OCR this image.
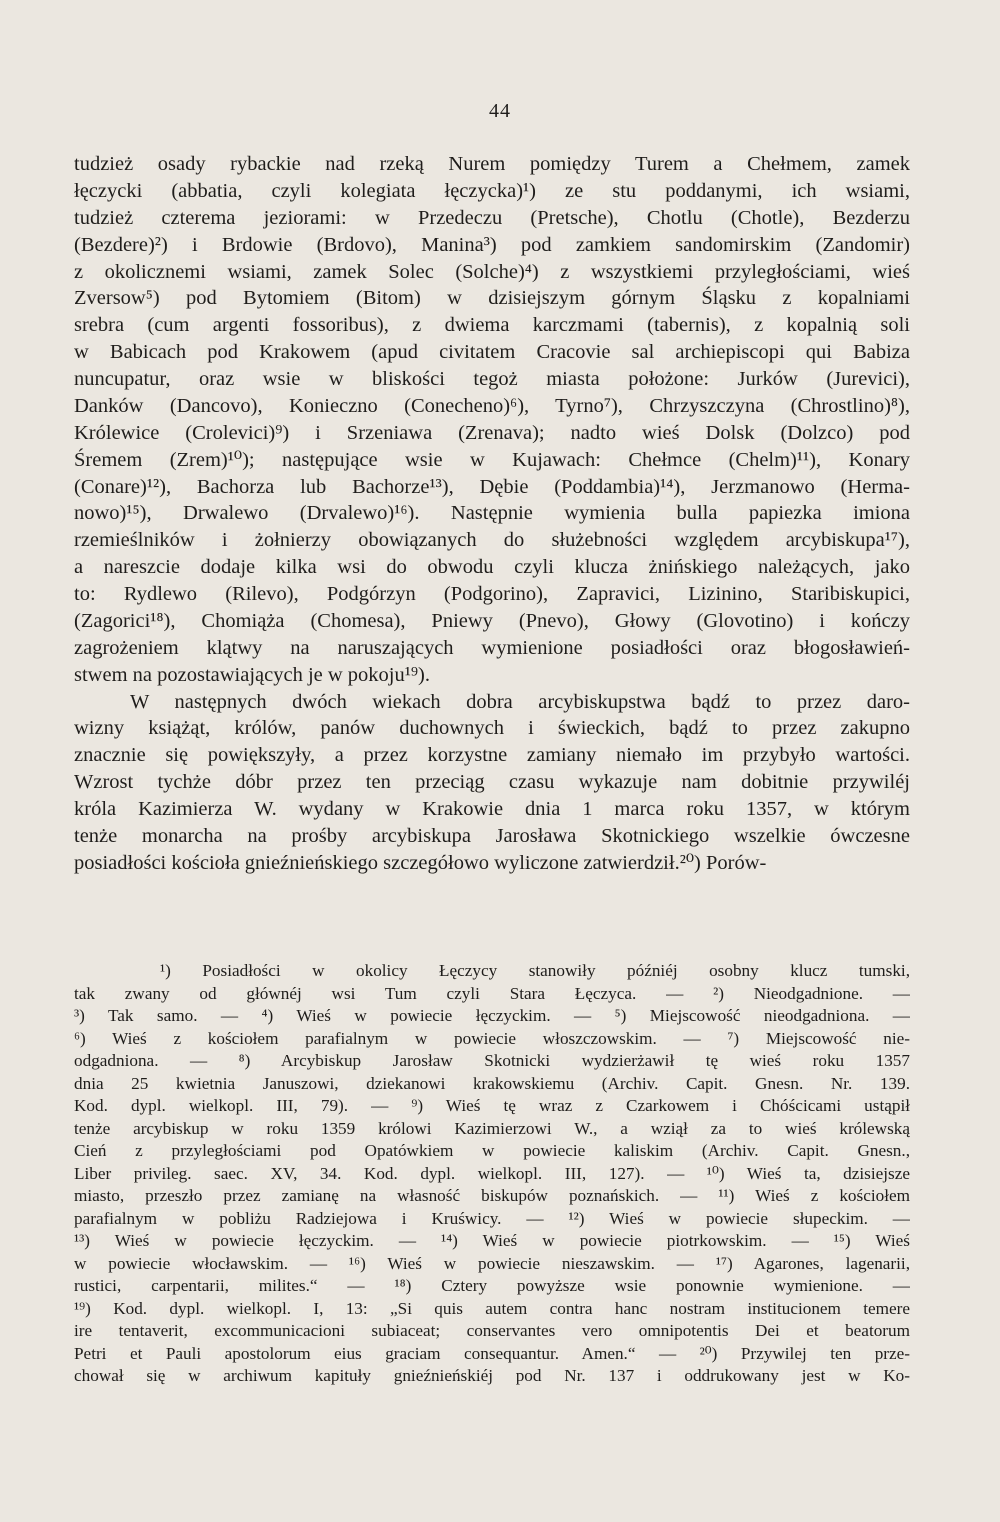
44
tudzież osady rybackie nad rzeką Nurem pomiędzy Turem a Chełmem, zamek
łęczycki (abbatia, czyli kolegiata łęczycka)¹) ze stu poddanymi, ich wsiami,
tudzież czterema jeziorami: w Przedeczu (Pretsche), Chotlu (Chotle), Bezderzu
(Bezdere)²) i Brdowie (Brdovo), Manina³) pod zamkiem sandomirskim (Zandomir)
z okolicznemi wsiami, zamek Solec (Solche)⁴) z wszystkiemi przyległościami, wieś
Zversow⁵) pod Bytomiem (Bitom) w dzisiejszym górnym Śląsku z kopalniami
srebra (cum argenti fossoribus), z dwiema karczmami (tabernis), z kopalnią soli
w Babicach pod Krakowem (apud civitatem Cracovie sal archiepiscopi qui Babiza
nuncupatur, oraz wsie w bliskości tegoż miasta położone: Jurków (Jurevici),
Danków (Dancovo), Konieczno (Conecheno)⁶), Tyrno⁷), Chrzyszczyna (Chrostlino)⁸),
Królewice (Crolevici)⁹) i Srzeniawa (Zrenava); nadto wieś Dolsk (Dolzco) pod
Śremem (Zrem)¹⁰); następujące wsie w Kujawach: Chełmce (Chelm)¹¹), Konary
(Conare)¹²), Bachorza lub Bachorze¹³), Dębie (Poddambia)¹⁴), Jerzmanowo (Herma-
nowo)¹⁵), Drwalewo (Drvalewo)¹⁶). Następnie wymienia bulla papiezka imiona
rzemieślników i żołnierzy obowiązanych do służebności względem arcybiskupa¹⁷),
a nareszcie dodaje kilka wsi do obwodu czyli klucza żnińskiego należących, jako
to: Rydlewo (Rilevo), Podgórzyn (Podgorino), Zapravici, Lizinino, Staribiskupici,
(Zagorici¹⁸), Chomiąża (Chomesa), Pniewy (Pnevo), Głowy (Glovotino) i kończy
zagrożeniem klątwy na naruszających wymienione posiadłości oraz błogosławień-
stwem na pozostawiających je w pokoju¹⁹).
W następnych dwóch wiekach dobra arcybiskupstwa bądź to przez daro-
wizny książąt, królów, panów duchownych i świeckich, bądź to przez zakupno
znacznie się powiększyły, a przez korzystne zamiany niemało im przybyło wartości.
Wzrost tychże dóbr przez ten przeciąg czasu wykazuje nam dobitnie przywiléj
króla Kazimierza W. wydany w Krakowie dnia 1 marca roku 1357, w którym
tenże monarcha na prośby arcybiskupa Jarosława Skotnickiego wszelkie ówczesne
posiadłości kościoła gnieźnieńskiego szczegółowo wyliczone zatwierdził.²⁰) Porów-
¹) Posiadłości w okolicy Łęczycy stanowiły późniéj osobny klucz tumski,
tak zwany od głównéj wsi Tum czyli Stara Łęczyca. — ²) Nieodgadnione. —
³) Tak samo. — ⁴) Wieś w powiecie łęczyckim. — ⁵) Miejscowość nieodgadniona. —
⁶) Wieś z kościołem parafialnym w powiecie włoszczowskim. — ⁷) Miejscowość nie-
odgadniona. — ⁸) Arcybiskup Jarosław Skotnicki wydzierżawił tę wieś roku 1357
dnia 25 kwietnia Januszowi, dziekanowi krakowskiemu (Archiv. Capit. Gnesn. Nr. 139.
Kod. dypl. wielkopl. III, 79). — ⁹) Wieś tę wraz z Czarkowem i Chóścicami ustąpił
tenże arcybiskup w roku 1359 królowi Kazimierzowi W., a wziął za to wieś królewską
Cień z przyległościami pod Opatówkiem w powiecie kaliskim (Archiv. Capit. Gnesn.,
Liber privileg. saec. XV, 34. Kod. dypl. wielkopl. III, 127). — ¹⁰) Wieś ta, dzisiejsze
miasto, przeszło przez zamianę na własność biskupów poznańskich. — ¹¹) Wieś z kościołem
parafialnym w pobliżu Radziejowa i Kruświcy. — ¹²) Wieś w powiecie słupeckim. —
¹³) Wieś w powiecie łęczyckim. — ¹⁴) Wieś w powiecie piotrkowskim. — ¹⁵) Wieś
w powiecie włocławskim. — ¹⁶) Wieś w powiecie nieszawskim. — ¹⁷) Agarones, lagenarii,
rustici, carpentarii, milites.“ — ¹⁸) Cztery powyższe wsie ponownie wymienione. —
¹⁹) Kod. dypl. wielkopl. I, 13: „Si quis autem contra hanc nostram institucionem temere
ire tentaverit, excommunicacioni subiaceat; conservantes vero omnipotentis Dei et beatorum
Petri et Pauli apostolorum eius graciam consequantur. Amen.“ — ²⁰) Przywilej ten prze-
chował się w archiwum kapituły gnieźnieńskiéj pod Nr. 137 i oddrukowany jest w Ko-
